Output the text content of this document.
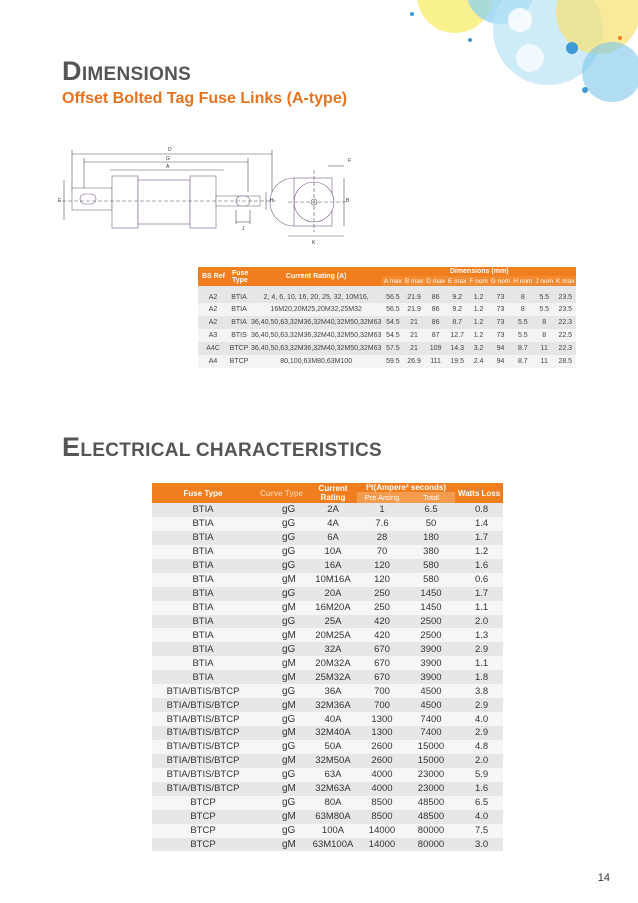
DIMENSIONS
Offset Bolted Tag Fuse Links (A-type)
D
G
A
E	H
J
F
B
K
BS Ref	Fuse Type	Current Rating (A)	Dimensions (mm)								
			A max	B max	D max	E max	F nom	G nom	H nom	J nom	K max
A2	BTIA	2, 4, 6, 10, 16, 20, 25, 32, 10M16,	56.5	21.9	86	9.2	1.2	73	8	5.5	23.5
A2	BTIA	16M20,20M25,20M32,25M32	56.5	21.9	86	9.2	1.2	73	8	5.5	23.5
A2	BTIA	36,40,50,63,32M36,32M40,32M50,32M63	54.5	21	86	8.7	1.2	73	5.5	8	22.3
A3	BTIS	36,40,50,63,32M36,32M40,32M50,32M63	54.5	21	87	12.7	1.2	73	5.5	8	22.5
A4C	BTCP	36,40,50,63,32M36,32M40,32M50,32M63	57.5	21	109	14.3	3.2	94	8.7	11	22.3
A4	BTCP	80,100,63M80,63M100	59.5	26.9	111	19.5	2.4	94	8.7	11	28.5
ELECTRICAL CHARACTERISTICS
Fuse Type	Curve Type	Current Rating	I²t(Ampere² seconds)		Watts Loss
			Pre Arcing	Total	
BTIA	gG	2A	1	6.5	0.8
BTIA	gG	4A	7.6	50	1.4
BTIA	gG	6A	28	180	1.7
BTIA	gG	10A	70	380	1.2
BTIA	gG	16A	120	580	1.6
BTIA	gM	10M16A	120	580	0.6
BTIA	gG	20A	250	1450	1.7
BTIA	gM	16M20A	250	1450	1.1
BTIA	gG	25A	420	2500	2.0
BTIA	gM	20M25A	420	2500	1.3
BTIA	gG	32A	670	3900	2.9
BTIA	gM	20M32A	670	3900	1.1
BTIA	gM	25M32A	670	3900	1.8
BTIA/BTIS/BTCP	gG	36A	700	4500	3.8
BTIA/BTIS/BTCP	gM	32M36A	700	4500	2.9
BTIA/BTIS/BTCP	gG	40A	1300	7400	4.0
BTIA/BTIS/BTCP	gM	32M40A	1300	7400	2.9
BTIA/BTIS/BTCP	gG	50A	2600	15000	4.8
BTIA/BTIS/BTCP	gM	32M50A	2600	15000	2.0
BTIA/BTIS/BTCP	gG	63A	4000	23000	5.9
BTIA/BTIS/BTCP	gM	32M63A	4000	23000	1.6
BTCP	gG	80A	8500	48500	6.5
BTCP	gM	63M80A	8500	48500	4.0
BTCP	gG	100A	14000	80000	7.5
BTCP	gM	63M100A	14000	80000	3.0
14
